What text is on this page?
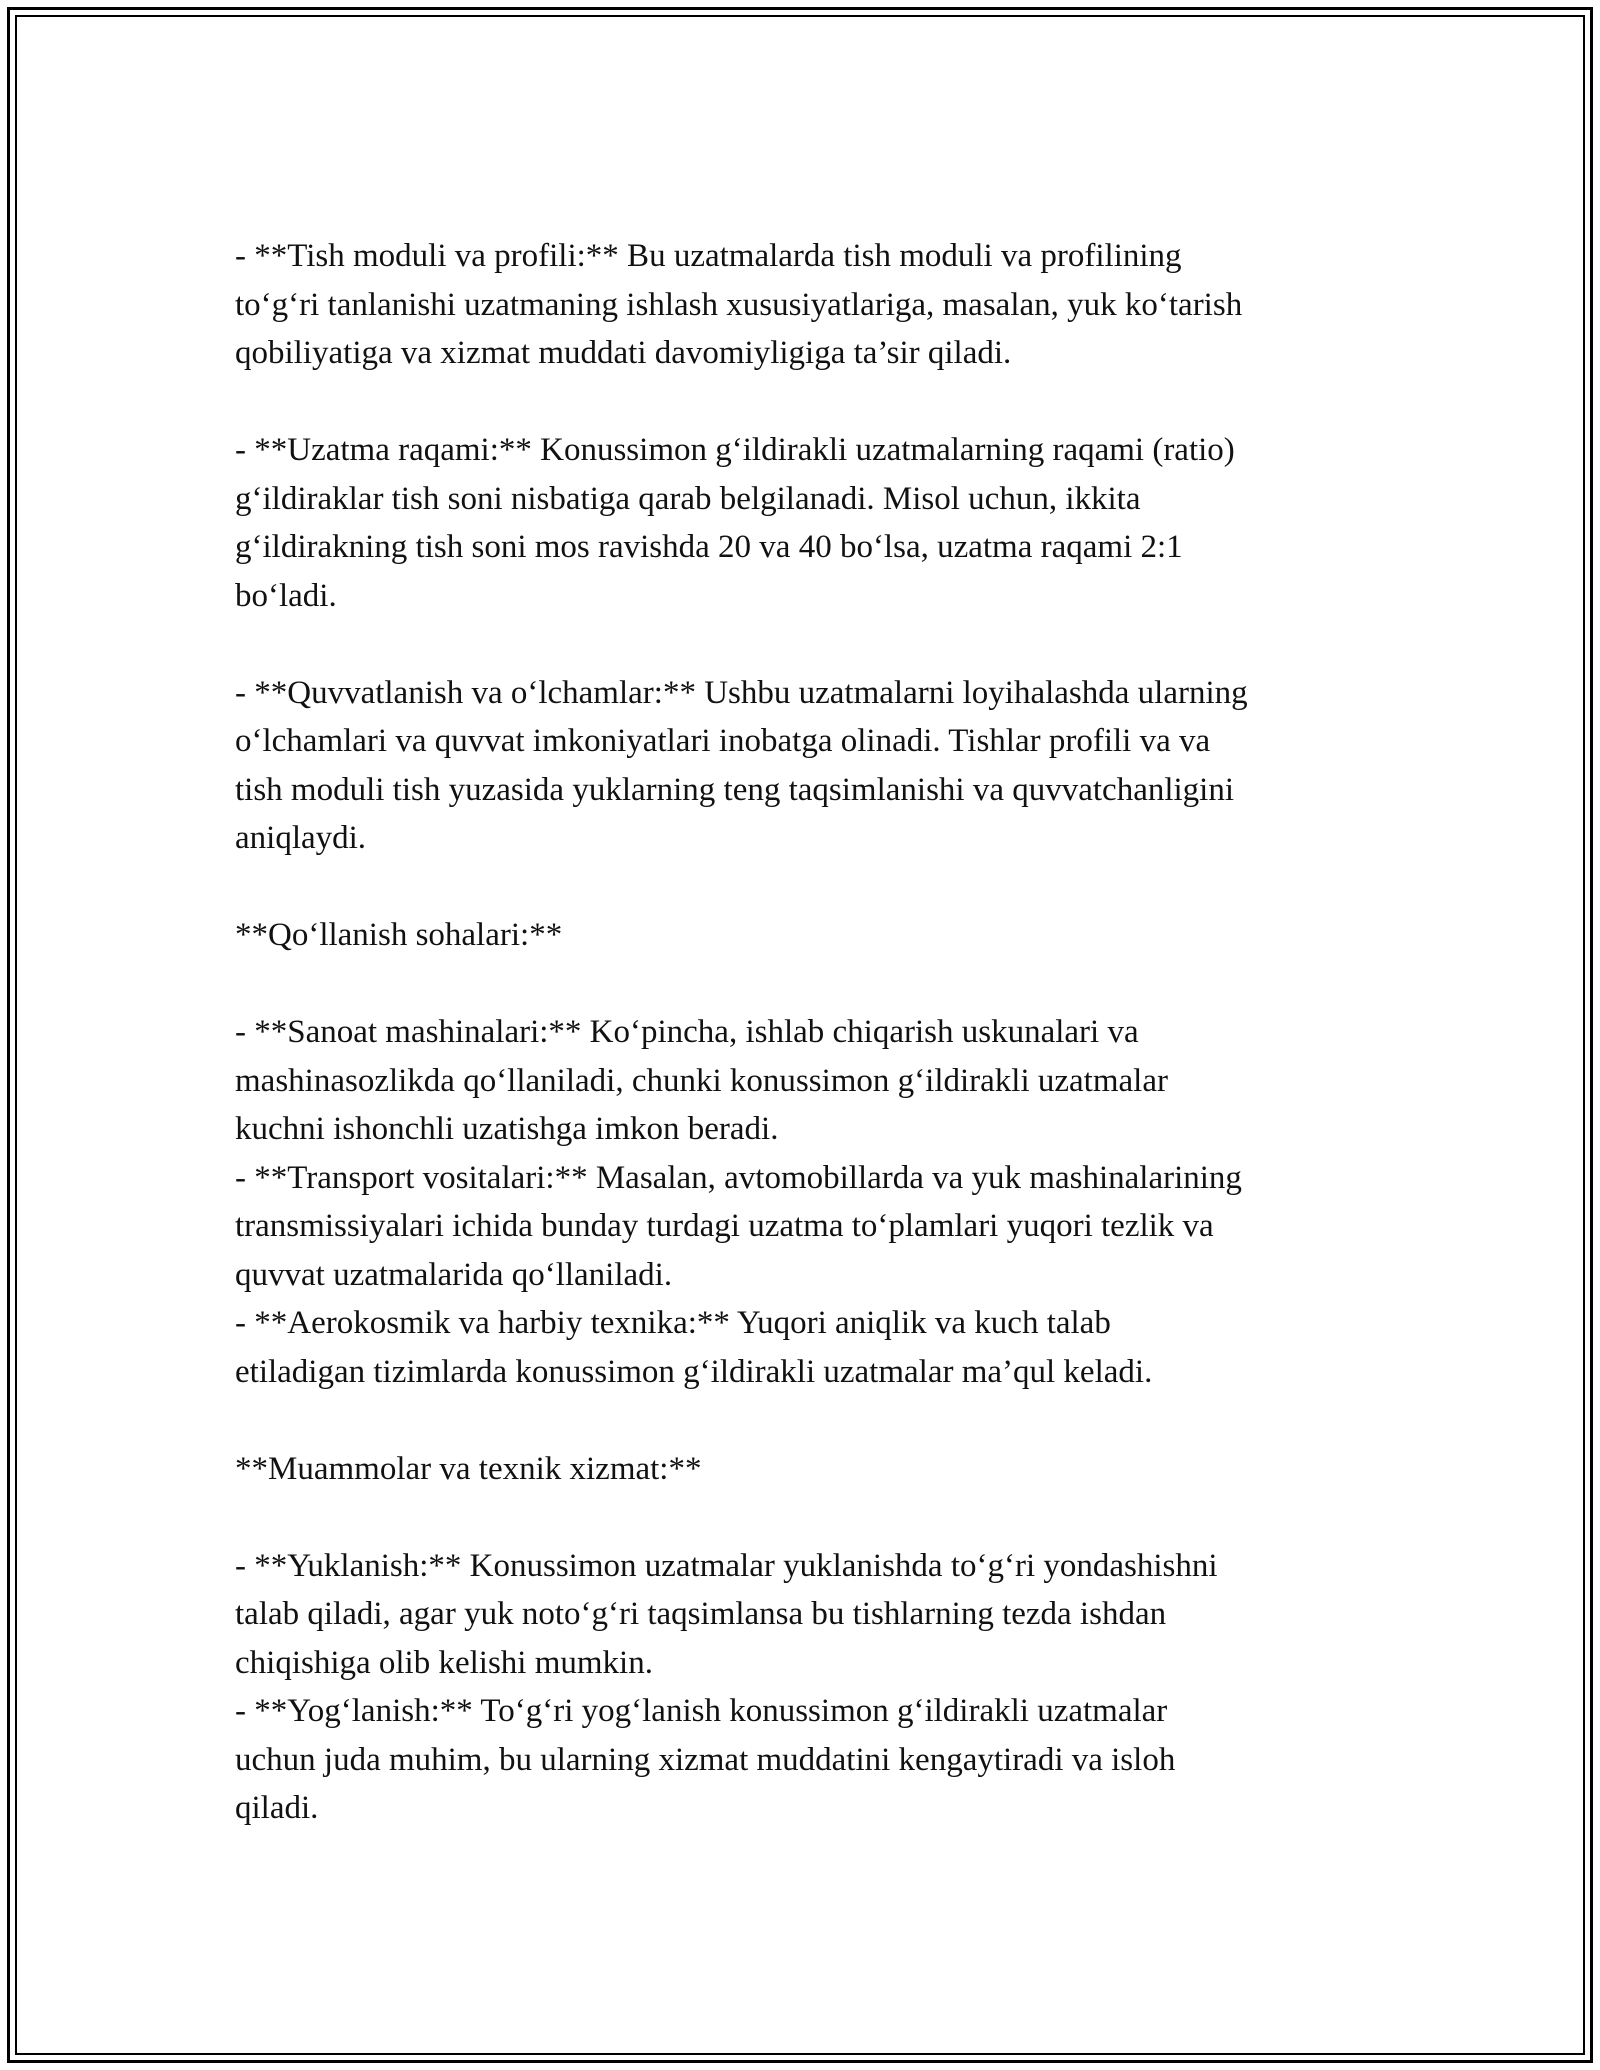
- **Tish moduli va profili:** Bu uzatmalarda tish moduli va profilining
to‘g‘ri tanlanishi uzatmaning ishlash xususiyatlariga, masalan, yuk ko‘tarish
qobiliyatiga va xizmat muddati davomiyligiga ta’sir qiladi.
- **Uzatma raqami:** Konussimon g‘ildirakli uzatmalarning raqami (ratio)
g‘ildiraklar tish soni nisbatiga qarab belgilanadi. Misol uchun, ikkita
g‘ildirakning tish soni mos ravishda 20 va 40 bo‘lsa, uzatma raqami 2:1
bo‘ladi.
- **Quvvatlanish va o‘lchamlar:** Ushbu uzatmalarni loyihalashda ularning
o‘lchamlari va quvvat imkoniyatlari inobatga olinadi. Tishlar profili va va
tish moduli tish yuzasida yuklarning teng taqsimlanishi va quvvatchanligini
aniqlaydi.
**Qo‘llanish sohalari:**
- **Sanoat mashinalari:** Ko‘pincha, ishlab chiqarish uskunalari va
mashinasozlikda qo‘llaniladi, chunki konussimon g‘ildirakli uzatmalar
kuchni ishonchli uzatishga imkon beradi.
- **Transport vositalari:** Masalan, avtomobillarda va yuk mashinalarining
transmissiyalari ichida bunday turdagi uzatma to‘plamlari yuqori tezlik va
quvvat uzatmalarida qo‘llaniladi.
- **Aerokosmik va harbiy texnika:** Yuqori aniqlik va kuch talab
etiladigan tizimlarda konussimon g‘ildirakli uzatmalar ma’qul keladi.
**Muammolar va texnik xizmat:**
- **Yuklanish:** Konussimon uzatmalar yuklanishda to‘g‘ri yondashishni
talab qiladi, agar yuk noto‘g‘ri taqsimlansa bu tishlarning tezda ishdan
chiqishiga olib kelishi mumkin.
- **Yog‘lanish:** To‘g‘ri yog‘lanish konussimon g‘ildirakli uzatmalar
uchun juda muhim, bu ularning xizmat muddatini kengaytiradi va isloh
qiladi.
